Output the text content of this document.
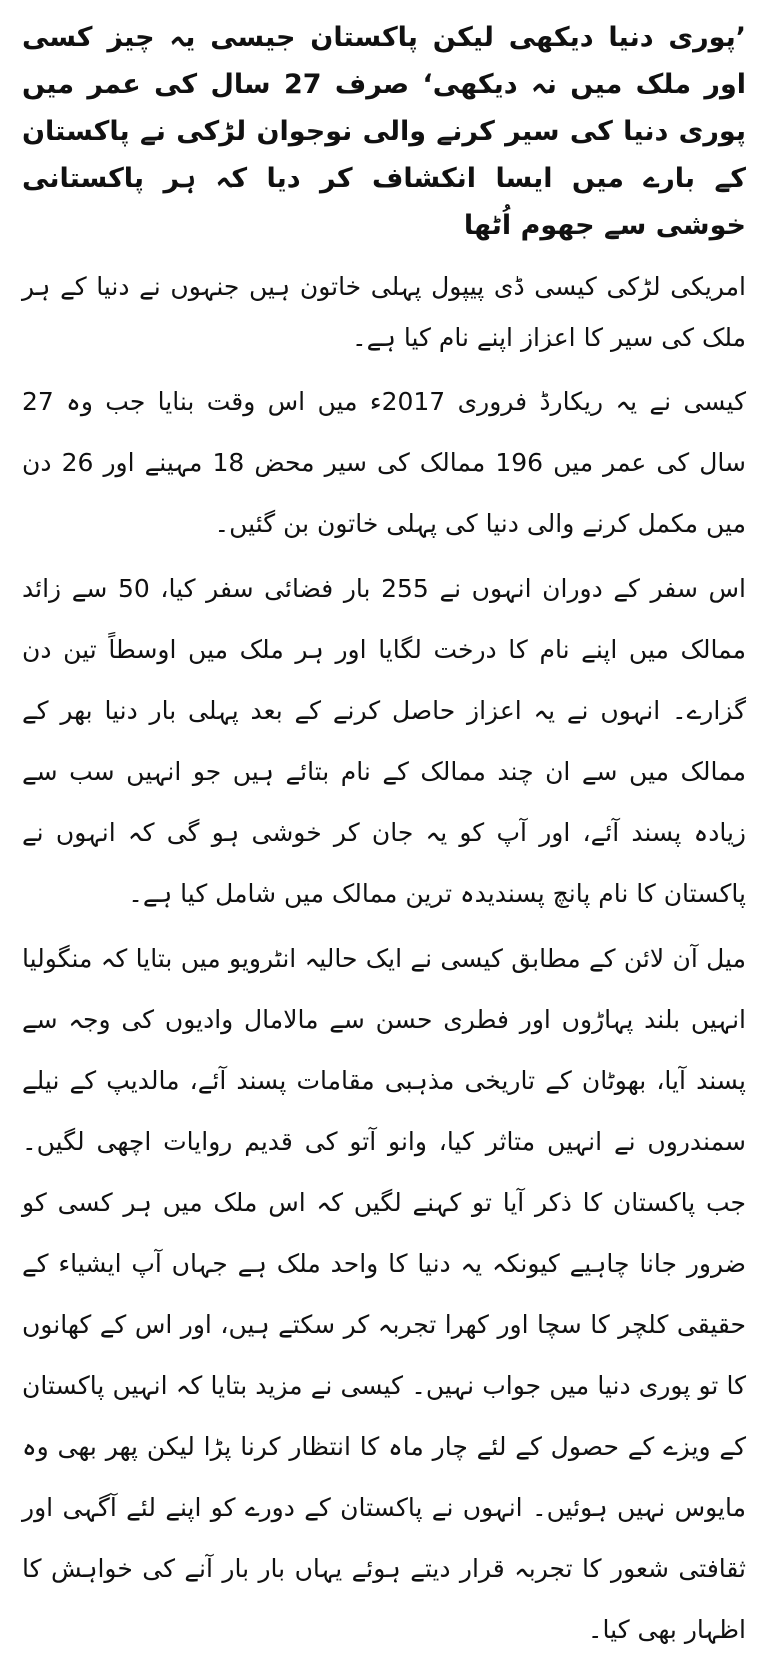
’پوری دنیا دیکھی لیکن پاکستان جیسی یہ چیز کسی اور ملک میں نہ دیکھی‘ صرف 27 سال کی عمر میں پوری دنیا کی سیر کرنے والی نوجوان لڑکی نے پاکستان کے بارے میں ایسا انکشاف کر دیا کہ ہر پاکستانی خوشی سے جھوم اُٹھا

امریکی لڑکی کیسی ڈی پیپول پہلی خاتون ہیں جنہوں نے دنیا کے ہر ملک کی سیر کا اعزاز اپنے نام کیا ہے۔

کیسی نے یہ ریکارڈ فروری 2017ء میں اس وقت بنایا جب وہ 27 سال کی عمر میں 196 ممالک کی سیر محض 18 مہینے اور 26 دن میں مکمل کرنے والی دنیا کی پہلی خاتون بن گئیں۔

اس سفر کے دوران انہوں نے 255 بار فضائی سفر کیا، 50 سے زائد ممالک میں اپنے نام کا درخت لگایا اور ہر ملک میں اوسطاً تین دن گزارے۔ انہوں نے یہ اعزاز حاصل کرنے کے بعد پہلی بار دنیا بھر کے ممالک میں سے ان چند ممالک کے نام بتائے ہیں جو انہیں سب سے زیادہ پسند آئے، اور آپ کو یہ جان کر خوشی ہو گی کہ انہوں نے پاکستان کا نام پانچ پسندیدہ ترین ممالک میں شامل کیا ہے۔

میل آن لائن کے مطابق کیسی نے ایک حالیہ انٹرویو میں بتایا کہ منگولیا انہیں بلند پہاڑوں اور فطری حسن سے مالامال وادیوں کی وجہ سے پسند آیا، بھوٹان کے تاریخی مذہبی مقامات پسند آئے، مالدیپ کے نیلے سمندروں نے انہیں متاثر کیا، وانو آتو کی قدیم روایات اچھی لگیں۔ جب پاکستان کا ذکر آیا تو کہنے لگیں کہ اس ملک میں ہر کسی کو ضرور جانا چاہیے کیونکہ یہ دنیا کا واحد ملک ہے جہاں آپ ایشیاء کے حقیقی کلچر کا سچا اور کھرا تجربہ کر سکتے ہیں، اور اس کے کھانوں کا تو پوری دنیا میں جواب نہیں۔ کیسی نے مزید بتایا کہ انہیں پاکستان کے ویزے کے حصول کے لئے چار ماہ کا انتظار کرنا پڑا لیکن پھر بھی وہ مایوس نہیں ہوئیں۔ انہوں نے پاکستان کے دورے کو اپنے لئے آگہی اور ثقافتی شعور کا تجربہ قرار دیتے ہوئے یہاں بار بار آنے کی خواہش کا اظہار بھی کیا۔
